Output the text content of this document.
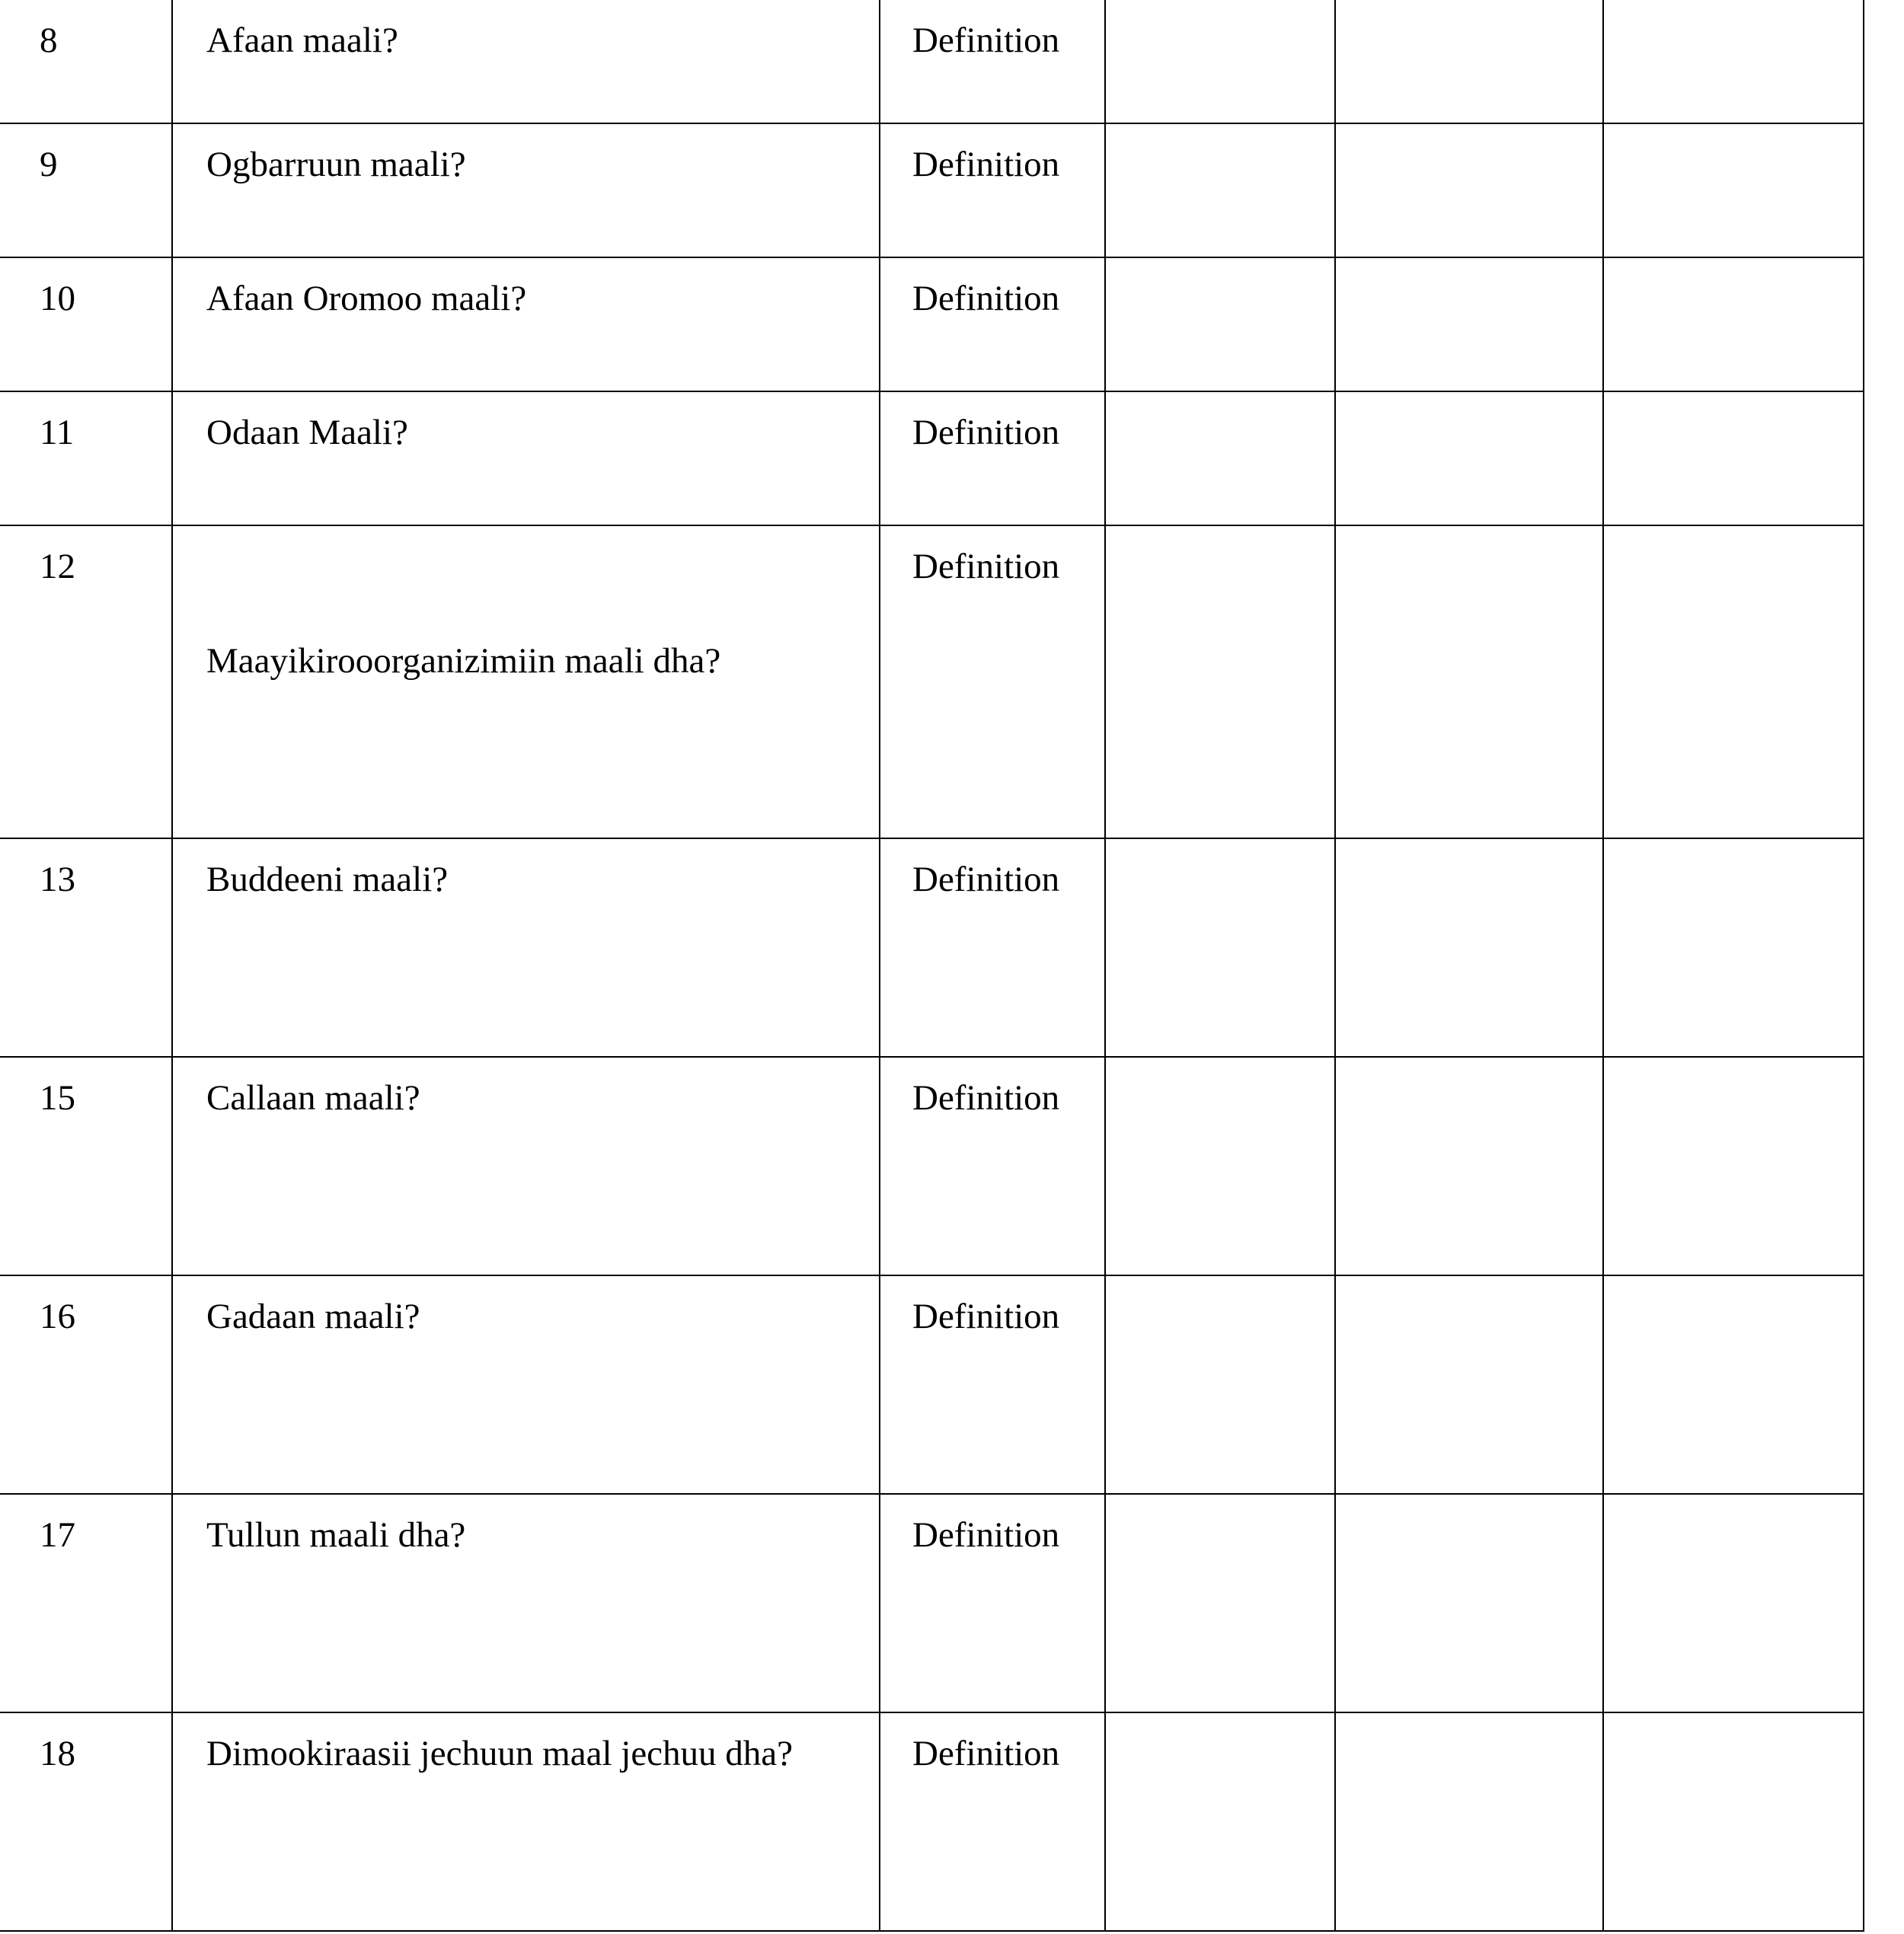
8	Afaan maali?	Definition			
9	Ogbarruun maali?	Definition			
10	Afaan Oromoo maali?	Definition			
11	Odaan Maali?	Definition			
12	Maayikirooorganizimiin maali dha?	Definition			
13	Buddeeni maali?	Definition			
15	Callaan maali?	Definition			
16	Gadaan maali?	Definition			
17	Tullun maali dha?	Definition			
18	Dimookiraasii jechuun maal jechuu dha?	Definition			
